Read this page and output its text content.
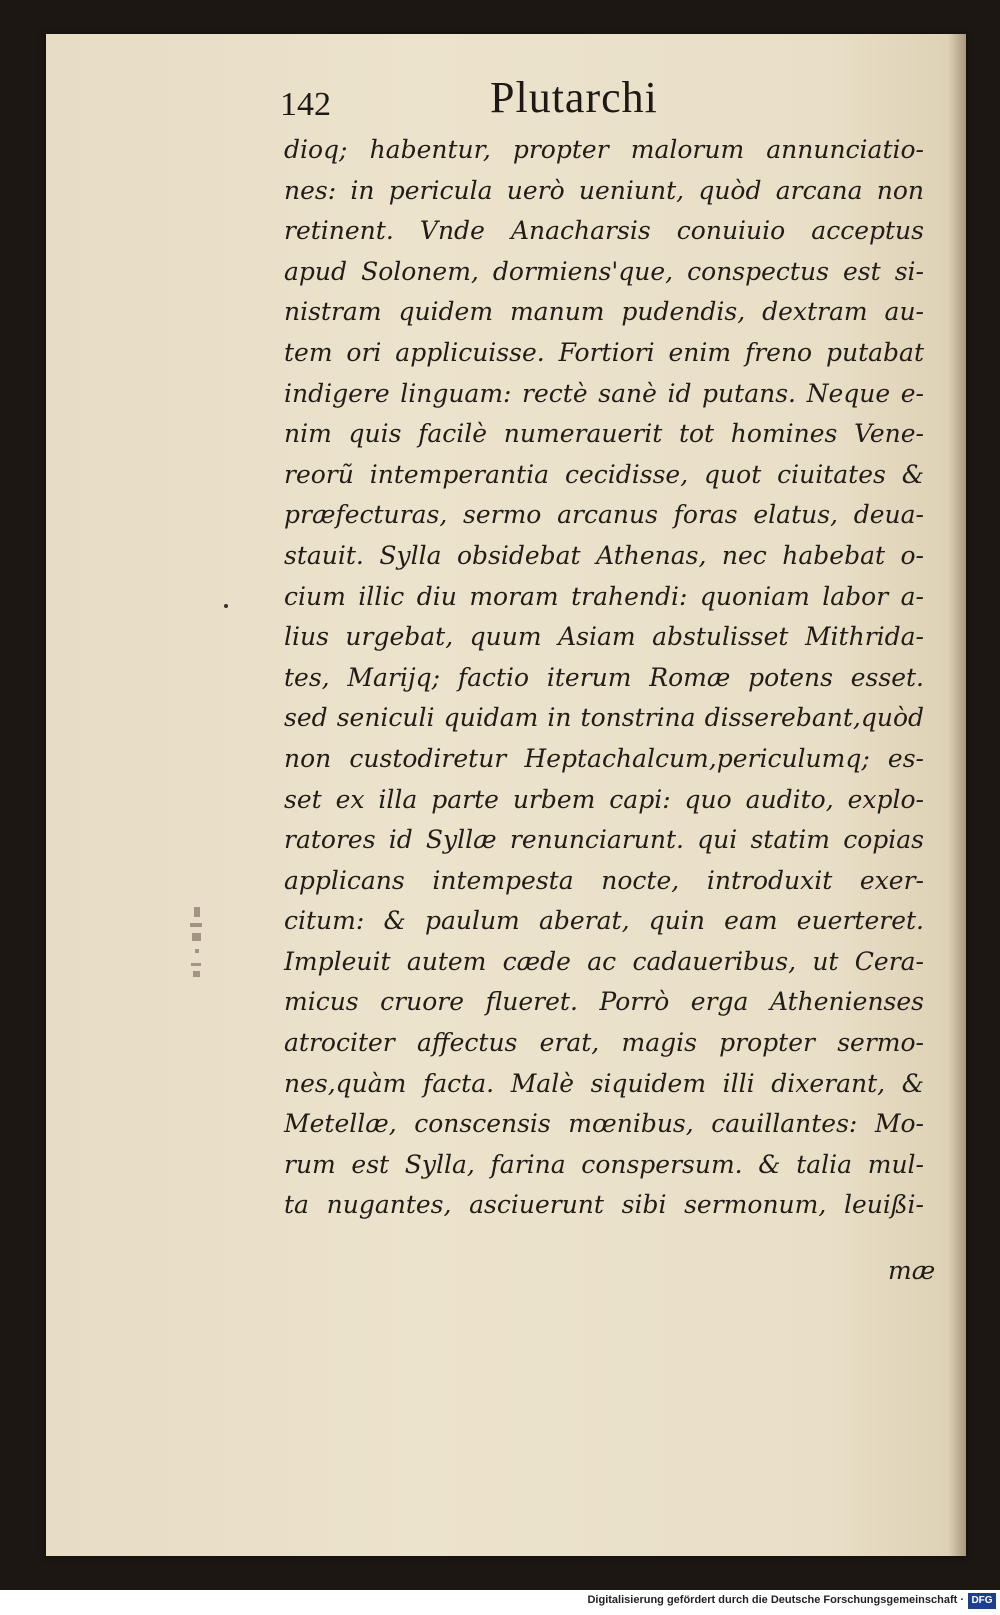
142	Plutarchi
dioq; habentur, propter malorum annunciatio-
nes: in pericula uerò ueniunt, quòd arcana non
retinent. Vnde Anacharsis conuiuio acceptus
apud Solonem, dormiens'que, conspectus est si-
nistram quidem manum pudendis, dextram au-
tem ori applicuisse. Fortiori enim freno putabat
indigere linguam: rectè sanè id putans. Neque e-
nim quis facilè numerauerit tot homines Vene-
reorũ intemperantia cecidisse, quot ciuitates &
præfecturas, sermo arcanus foras elatus, deua-
stauit. Sylla obsidebat Athenas, nec habebat o-
cium illic diu moram trahendi: quoniam labor a-
lius urgebat, quum Asiam abstulisset Mithrida-
tes, Marijq; factio iterum Romæ potens esset.
sed seniculi quidam in tonstrina disserebant,quòd
non custodiretur Heptachalcum,periculumq; es-
set ex illa parte urbem capi: quo audito, explo-
ratores id Syllæ renunciarunt. qui statim copias
applicans intempesta nocte, introduxit exer-
citum: & paulum aberat, quin eam euerteret.
Impleuit autem cæde ac cadaueribus, ut Cera-
micus cruore flueret. Porrò erga Athenienses
atrociter affectus erat, magis propter sermo-
nes,quàm facta. Malè siquidem illi dixerant, &
Metellæ, conscensis mœnibus, cauillantes: Mo-
rum est Sylla, farina conspersum. & talia mul-
ta nugantes, asciuerunt sibi sermonum, leuißi-
mæ
Digitalisierung gefördert durch die Deutsche Forschungsgemeinschaft · DFG
